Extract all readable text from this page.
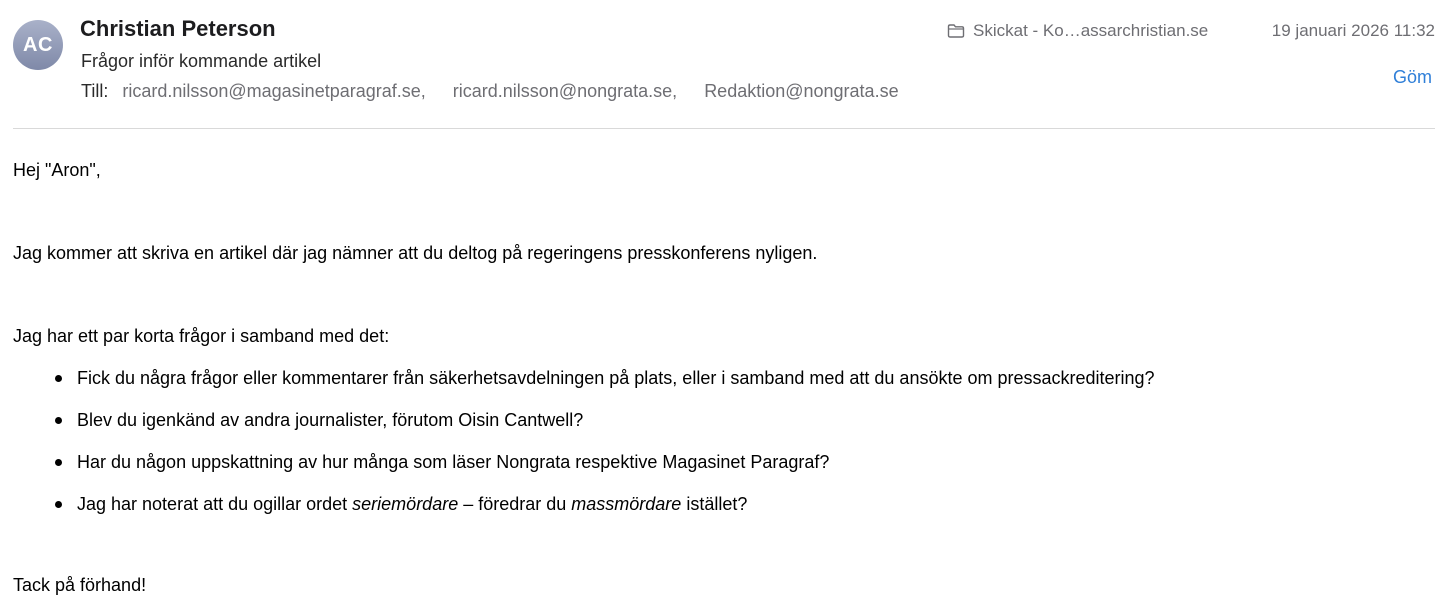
AC
Christian Peterson
Frågor inför kommande artikel
Till: ricard.nilsson@magasinetparagraf.se, ricard.nilsson@nongrata.se, Redaktion@nongrata.se
Skickat - Ko…assarchristian.se	19 januari 2026 11:32
Göm

Hej "Aron",

Jag kommer att skriva en artikel där jag nämner att du deltog på regeringens presskonferens nyligen.

Jag har ett par korta frågor i samband med det:

Fick du några frågor eller kommentarer från säkerhetsavdelningen på plats, eller i samband med att du ansökte om pressackreditering?
Blev du igenkänd av andra journalister, förutom Oisin Cantwell?
Har du någon uppskattning av hur många som läser Nongrata respektive Magasinet Paragraf?
Jag har noterat att du ogillar ordet seriemördare – föredrar du massmördare istället?

Tack på förhand!
